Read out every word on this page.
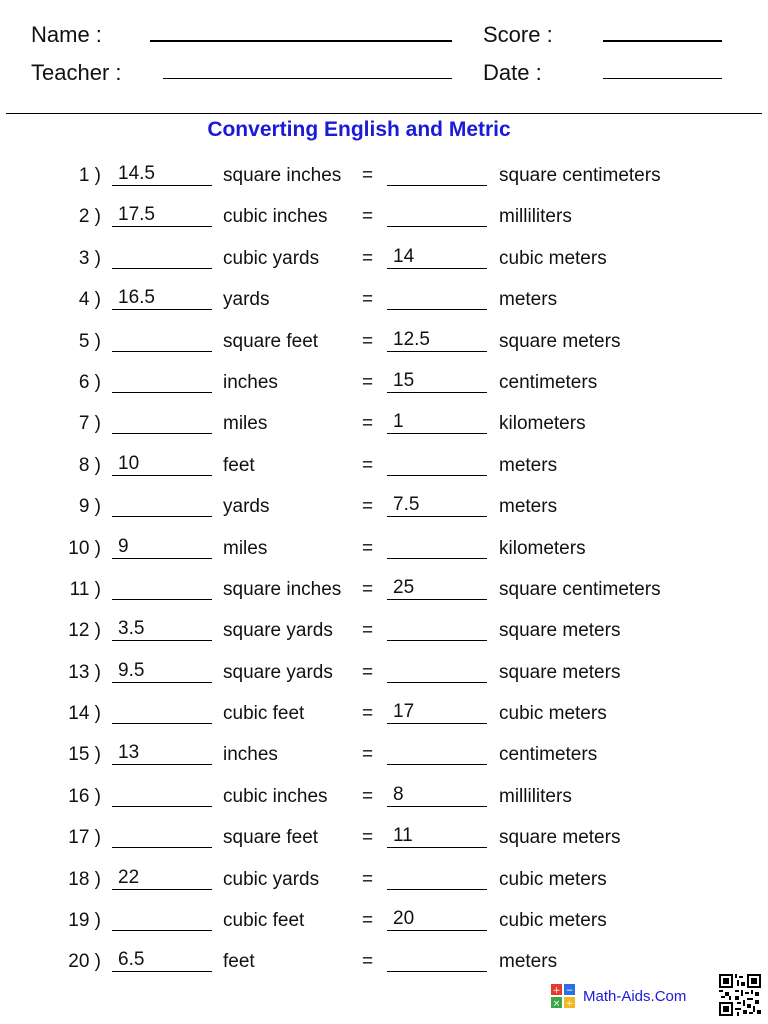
Name :
Teacher :
Score :
Date :
Converting English and Metric
1 ) 14.5	square inches =	square centimeters
2 ) 17.5	cubic inches =	milliliters
3 )	cubic yards =	14	cubic meters
4 ) 16.5	yards	=	meters
5 )	square feet =	12.5	square meters
6 )	inches	=	15	centimeters
7 )	miles	=	1	kilometers
8 ) 10	feet	=	meters
9 )	yards	=	7.5	meters
10 ) 9	miles	=	kilometers
11 )	square inches =	25	square centimeters
12 ) 3.5	square yards =	square meters
13 ) 9.5	square yards =	square meters
14 )	cubic feet	=	17	cubic meters
15 ) 13	inches	=	centimeters
16 )	cubic inches =	8	milliliters
17 )	square feet =	11	square meters
18 ) 22	cubic yards =	cubic meters
19 )	cubic feet	=	20	cubic meters
20 ) 6.5	feet	=	meters
+ −
× ÷ Math-Aids.Com
